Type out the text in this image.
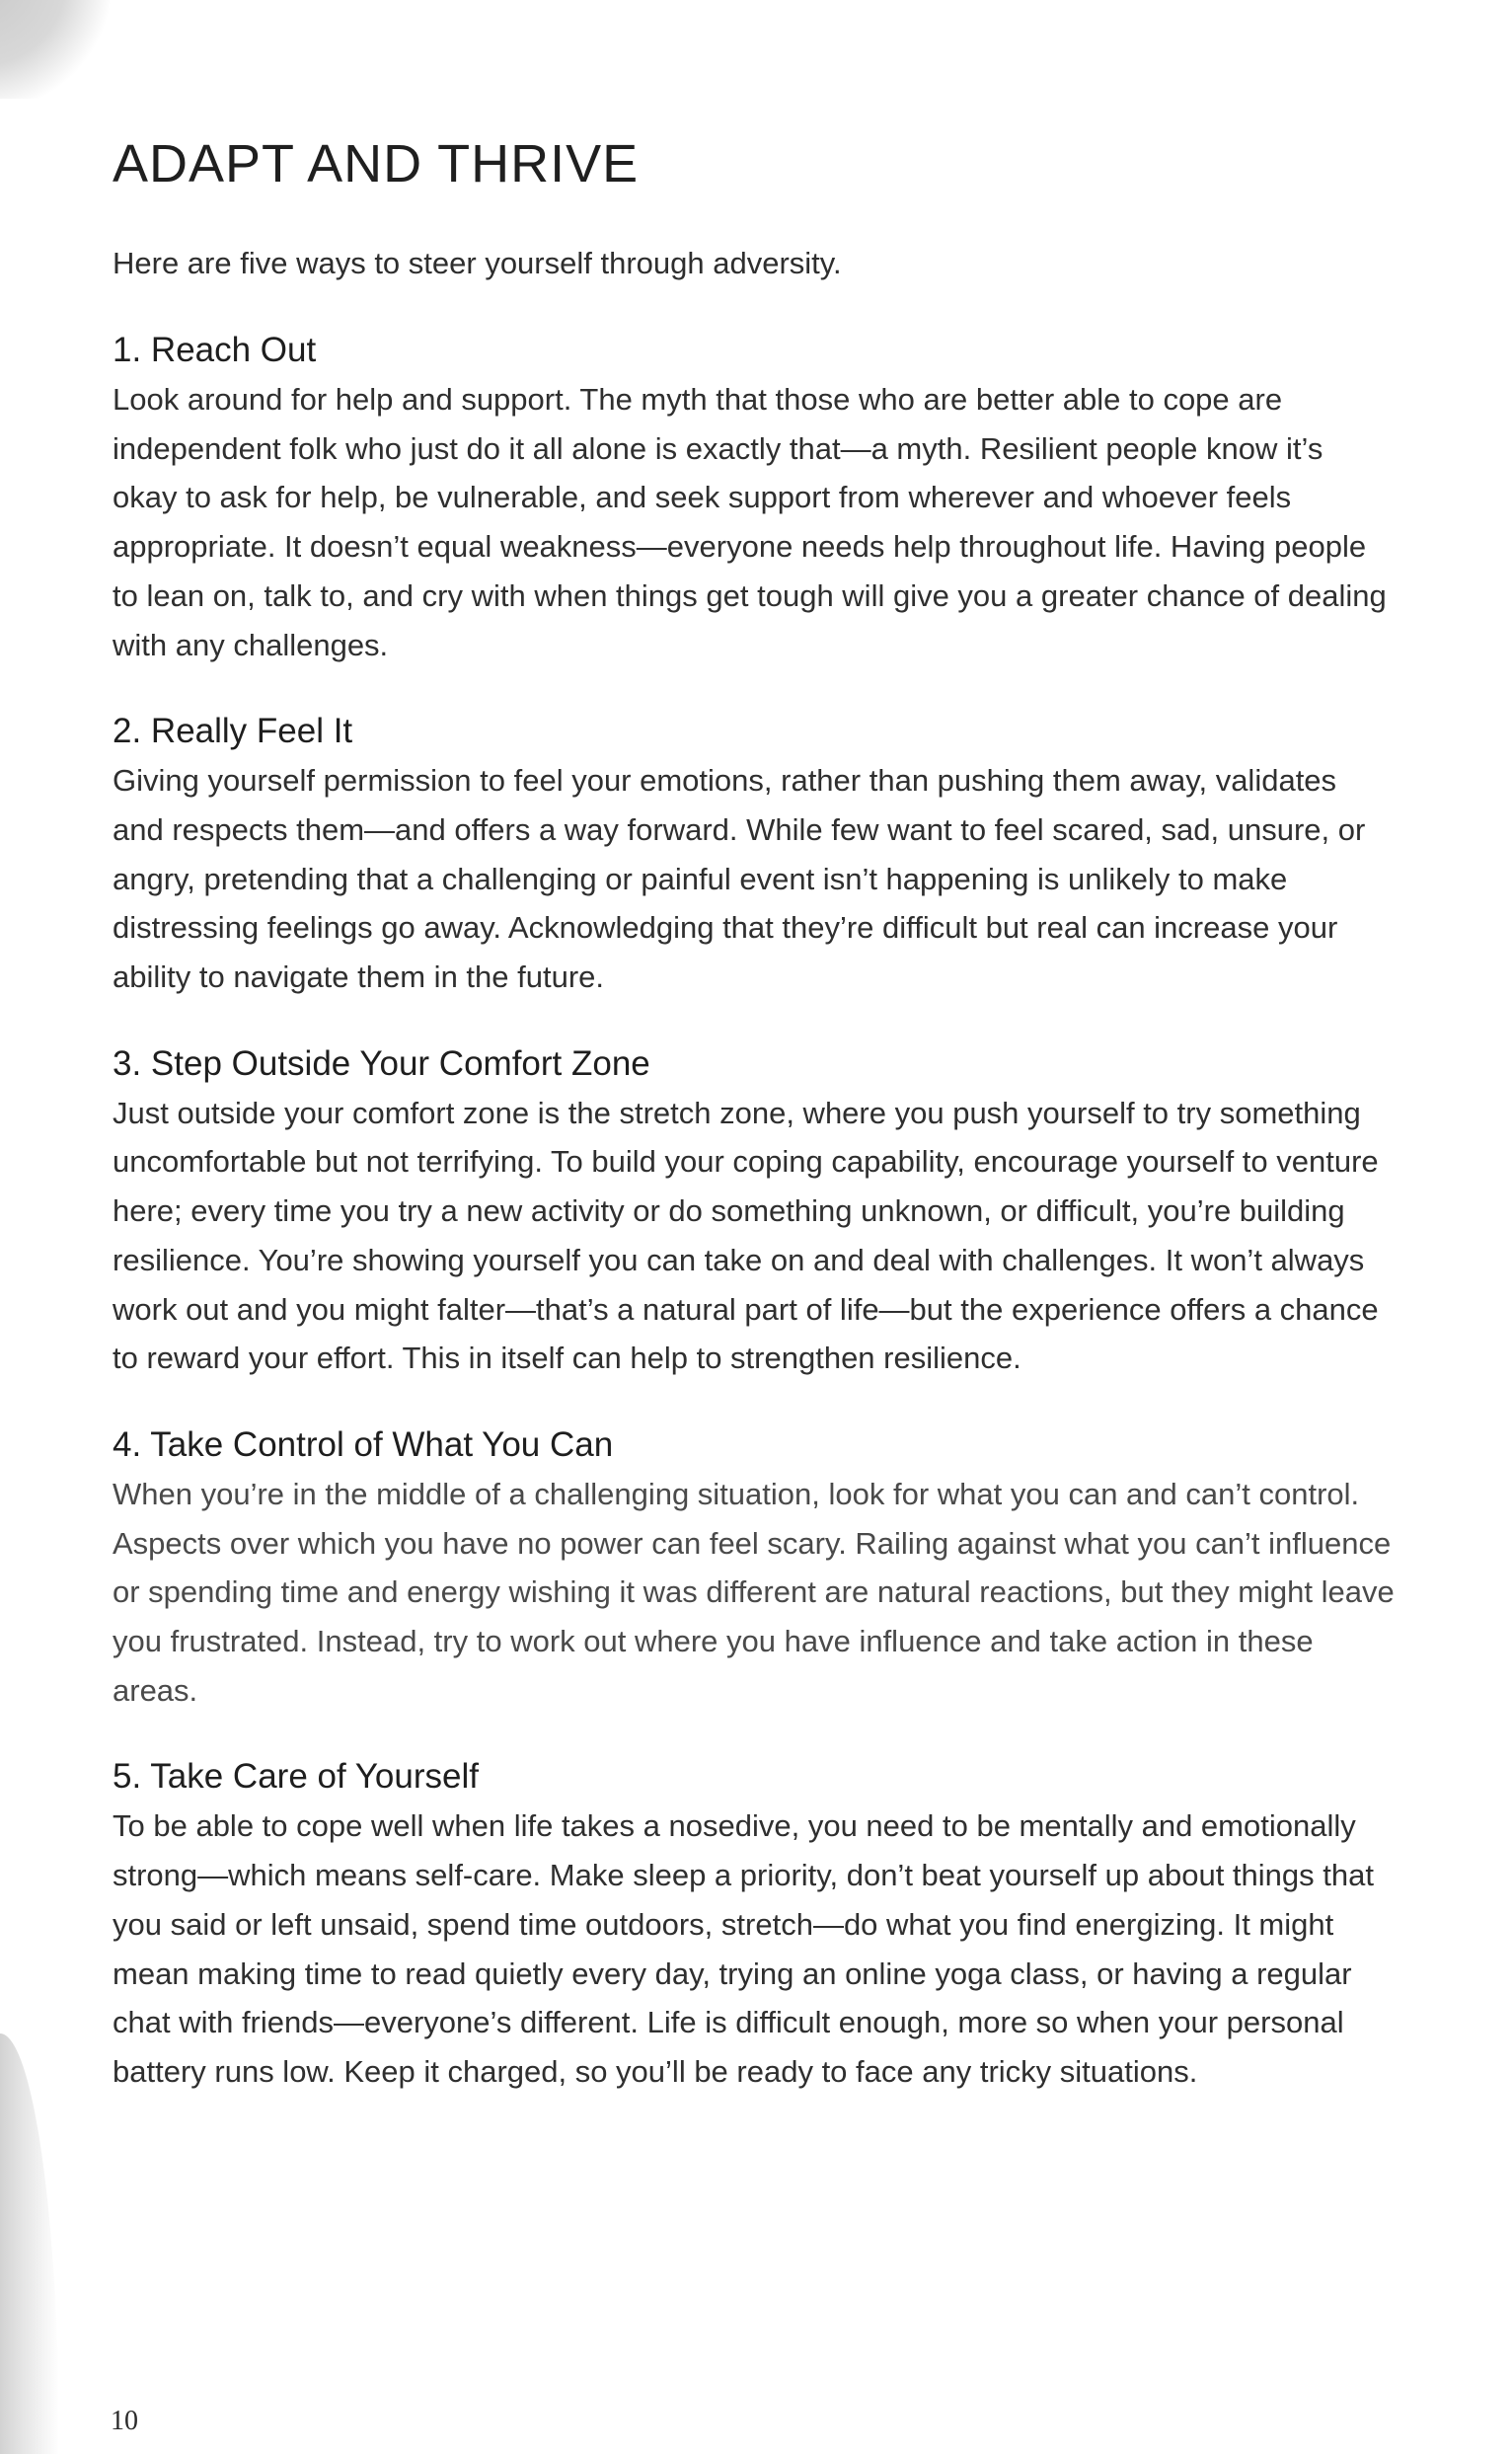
ADAPT AND THRIVE

Here are five ways to steer yourself through adversity.

1. Reach Out

Look around for help and support. The myth that those who are better able to cope are independent folk who just do it all alone is exactly that—a myth. Resilient people know it’s okay to ask for help, be vulnerable, and seek support from wherever and whoever feels appropriate. It doesn’t equal weakness—everyone needs help throughout life. Having people to lean on, talk to, and cry with when things get tough will give you a greater chance of dealing with any challenges.

2. Really Feel It

Giving yourself permission to feel your emotions, rather than pushing them away, validates and respects them—and offers a way forward. While few want to feel scared, sad, unsure, or angry, pretending that a challenging or painful event isn’t happening is unlikely to make distressing feelings go away. Acknowledging that they’re difficult but real can increase your ability to navigate them in the future.

3. Step Outside Your Comfort Zone

Just outside your comfort zone is the stretch zone, where you push yourself to try something uncomfortable but not terrifying. To build your coping capability, encourage yourself to venture here; every time you try a new activity or do something unknown, or difficult, you’re building resilience. You’re showing yourself you can take on and deal with challenges. It won’t always work out and you might falter—that’s a natural part of life—but the experience offers a chance to reward your effort. This in itself can help to strengthen resilience.

4. Take Control of What You Can

When you’re in the middle of a challenging situation, look for what you can and can’t control. Aspects over which you have no power can feel scary. Railing against what you can’t influence or spending time and energy wishing it was different are natural reactions, but they might leave you frustrated. Instead, try to work out where you have influence and take action in these areas.

5. Take Care of Yourself

To be able to cope well when life takes a nosedive, you need to be mentally and emotionally strong—which means self-care. Make sleep a priority, don’t beat yourself up about things that you said or left unsaid, spend time outdoors, stretch—do what you find energizing. It might mean making time to read quietly every day, trying an online yoga class, or having a regular chat with friends—everyone’s different. Life is difficult enough, more so when your personal battery runs low. Keep it charged, so you’ll be ready to face any tricky situations.

10
